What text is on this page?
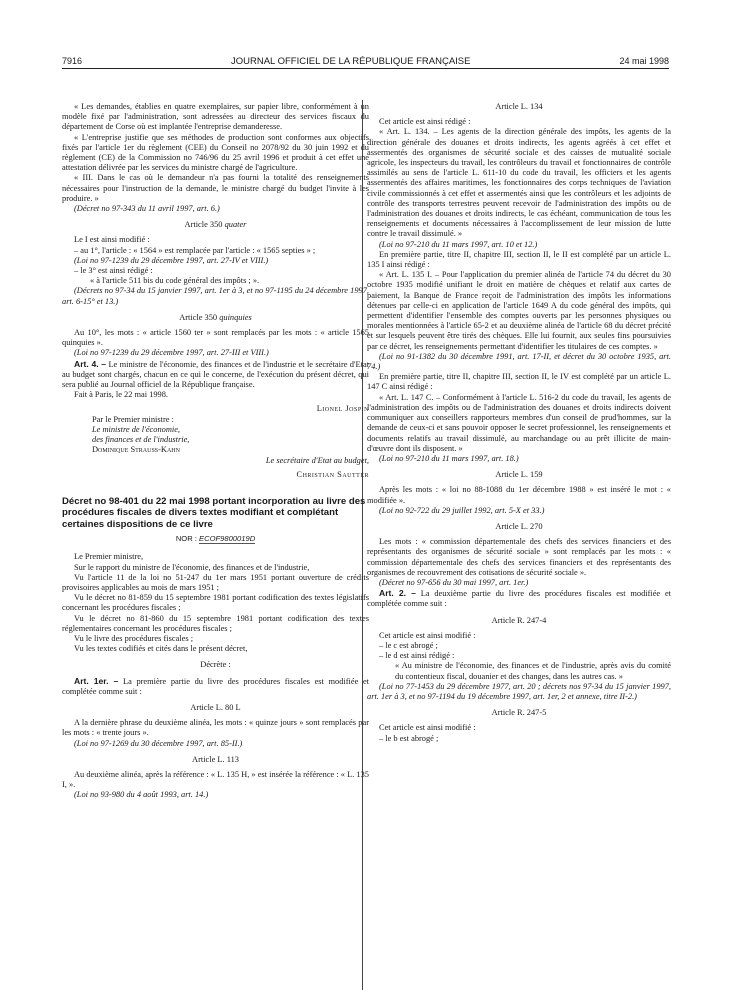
7916	JOURNAL OFFICIEL DE LA RÉPUBLIQUE FRANÇAISE	24 mai 1998

« Les demandes, établies en quatre exemplaires, sur papier libre, conformément à un modèle fixé par l'administration, sont adressées au directeur des services fiscaux du département de Corse où est implantée l'entreprise demanderesse.

« L'entreprise justifie que ses méthodes de production sont conformes aux objectifs fixés par l'article 1er du règlement (CEE) du Conseil no 2078/92 du 30 juin 1992 et du règlement (CE) de la Commission no 746/96 du 25 avril 1996 et produit à cet effet une attestation délivrée par les services du ministre chargé de l'agriculture.

« III. Dans le cas où le demandeur n'a pas fourni la totalité des renseignements nécessaires pour l'instruction de la demande, le ministre chargé du budget l'invite à les produire. »

(Décret no 97-343 du 11 avril 1997, art. 6.)

Article 350 quater

Le I est ainsi modifié :

– au 1°, l'article : « 1564 » est remplacée par l'article : « 1565 septies » ;

(Loi no 97-1239 du 29 décembre 1997, art. 27-IV et VIII.)

– le 3° est ainsi rédigé :

« à l'article 511 bis du code général des impôts ; ».

(Décrets no 97-34 du 15 janvier 1997, art. 1er à 3, et no 97-1195 du 24 décembre 1997, art. 6-15° et 13.)

Article 350 quinquies

Au 10°, les mots : « article 1560 ter » sont remplacés par les mots : « article 1565 quinquies ».

(Loi no 97-1239 du 29 décembre 1997, art. 27-III et VIII.)

Art. 4. – Le ministre de l'économie, des finances et de l'industrie et le secrétaire d'Etat au budget sont chargés, chacun en ce qui le concerne, de l'exécution du présent décret, qui sera publié au Journal officiel de la République française.

Fait à Paris, le 22 mai 1998.

Lionel Jospin

Par le Premier ministre :

Le ministre de l'économie,

des finances et de l'industrie,

Dominique Strauss-Kahn

Le secrétaire d'Etat au budget,
Christian Sautter
Décret no 98-401 du 22 mai 1998 portant incorporation au livre des procédures fiscales de divers textes modifiant et complétant certaines dispositions de ce livre
NOR : ECOF9800019D

Le Premier ministre,

Sur le rapport du ministre de l'économie, des finances et de l'industrie,

Vu l'article 11 de la loi no 51-247 du 1er mars 1951 portant ouverture de crédits provisoires applicables au mois de mars 1951 ;

Vu le décret no 81-859 du 15 septembre 1981 portant codification des textes législatifs concernant les procédures fiscales ;

Vu le décret no 81-860 du 15 septembre 1981 portant codification des textes réglementaires concernant les procédures fiscales ;

Vu le livre des procédures fiscales ;

Vu les textes codifiés et cités dans le présent décret,

Décrète :

Art. 1er. – La première partie du livre des procédures fiscales est modifiée et complétée comme suit :

Article L. 80 L

A la dernière phrase du deuxième alinéa, les mots : « quinze jours » sont remplacés par les mots : « trente jours ».

(Loi no 97-1269 du 30 décembre 1997, art. 85-II.)

Article L. 113

Au deuxième alinéa, après la référence : « L. 135 H, » est insérée la référence : « L. 135 I, ».

(Loi no 93-980 du 4 août 1993, art. 14.)

Article L. 134

Cet article est ainsi rédigé :

« Art. L. 134. – Les agents de la direction générale des impôts, les agents de la direction générale des douanes et droits indirects, les agents agréés à cet effet et assermentés des organismes de sécurité sociale et des caisses de mutualité sociale agricole, les inspecteurs du travail, les contrôleurs du travail et fonctionnaires de contrôle assimilés au sens de l'article L. 611-10 du code du travail, les officiers et les agents assermentés des affaires maritimes, les fonctionnaires des corps techniques de l'aviation civile commissionnés à cet effet et assermentés ainsi que les contrôleurs et les adjoints de contrôle des transports terrestres peuvent recevoir de l'administration des impôts ou de l'administration des douanes et droits indirects, le cas échéant, communication de tous les renseignements et documents nécessaires à l'accomplissement de leur mission de lutte contre le travail dissimulé. »

(Loi no 97-210 du 11 mars 1997, art. 10 et 12.)

En première partie, titre II, chapitre III, section II, le II est complété par un article L. 135 I ainsi rédigé :

« Art. L. 135 I. – Pour l'application du premier alinéa de l'article 74 du décret du 30 octobre 1935 modifié unifiant le droit en matière de chèques et relatif aux cartes de paiement, la Banque de France reçoit de l'administration des impôts les informations détenues par celle-ci en application de l'article 1649 A du code général des impôts, qui permettent d'identifier l'ensemble des comptes ouverts par les personnes physiques ou morales mentionnées à l'article 65-2 et au deuxième alinéa de l'article 68 du décret précité et sur lesquels peuvent être tirés des chèques. Elle lui fournit, aux seules fins poursuivies par ce décret, les renseignements permettant d'identifier les titulaires de ces comptes. »

(Loi no 91-1382 du 30 décembre 1991, art. 17-II, et décret du 30 octobre 1935, art. 74.)

En première partie, titre II, chapitre III, section II, le IV est complété par un article L. 147 C ainsi rédigé :

« Art. L. 147 C. – Conformément à l'article L. 516-2 du code du travail, les agents de l'administration des impôts ou de l'administration des douanes et droits indirects doivent communiquer aux conseillers rapporteurs membres d'un conseil de prud'hommes, sur la demande de ceux-ci et sans pouvoir opposer le secret professionnel, les renseignements et documents relatifs au travail dissimulé, au marchandage ou au prêt illicite de main-d'œuvre dont ils disposent. »

(Loi no 97-210 du 11 mars 1997, art. 18.)

Article L. 159

Après les mots : « loi no 88-1088 du 1er décembre 1988 » est inséré le mot : « modifiée ».

(Loi no 92-722 du 29 juillet 1992, art. 5-X et 33.)

Article L. 270

Les mots : « commission départementale des chefs des services financiers et des représentants des organismes de sécurité sociale » sont remplacés par les mots : « commission départementale des chefs des services financiers et des représentants des organismes de recouvrement des cotisations de sécurité sociale ».

(Décret no 97-656 du 30 mai 1997, art. 1er.)

Art. 2. – La deuxième partie du livre des procédures fiscales est modifiée et complétée comme suit :

Article R. 247-4

Cet article est ainsi modifié :

– le c est abrogé ;

– le d est ainsi rédigé :

« Au ministre de l'économie, des finances et de l'industrie, après avis du comité du contentieux fiscal, douanier et des changes, dans les autres cas. »

(Loi no 77-1453 du 29 décembre 1977, art. 20 ; décrets nos 97-34 du 15 janvier 1997, art. 1er à 3, et no 97-1194 du 19 décembre 1997, art. 1er, 2 et annexe, titre II-2.)

Article R. 247-5

Cet article est ainsi modifié :

– le b est abrogé ;
